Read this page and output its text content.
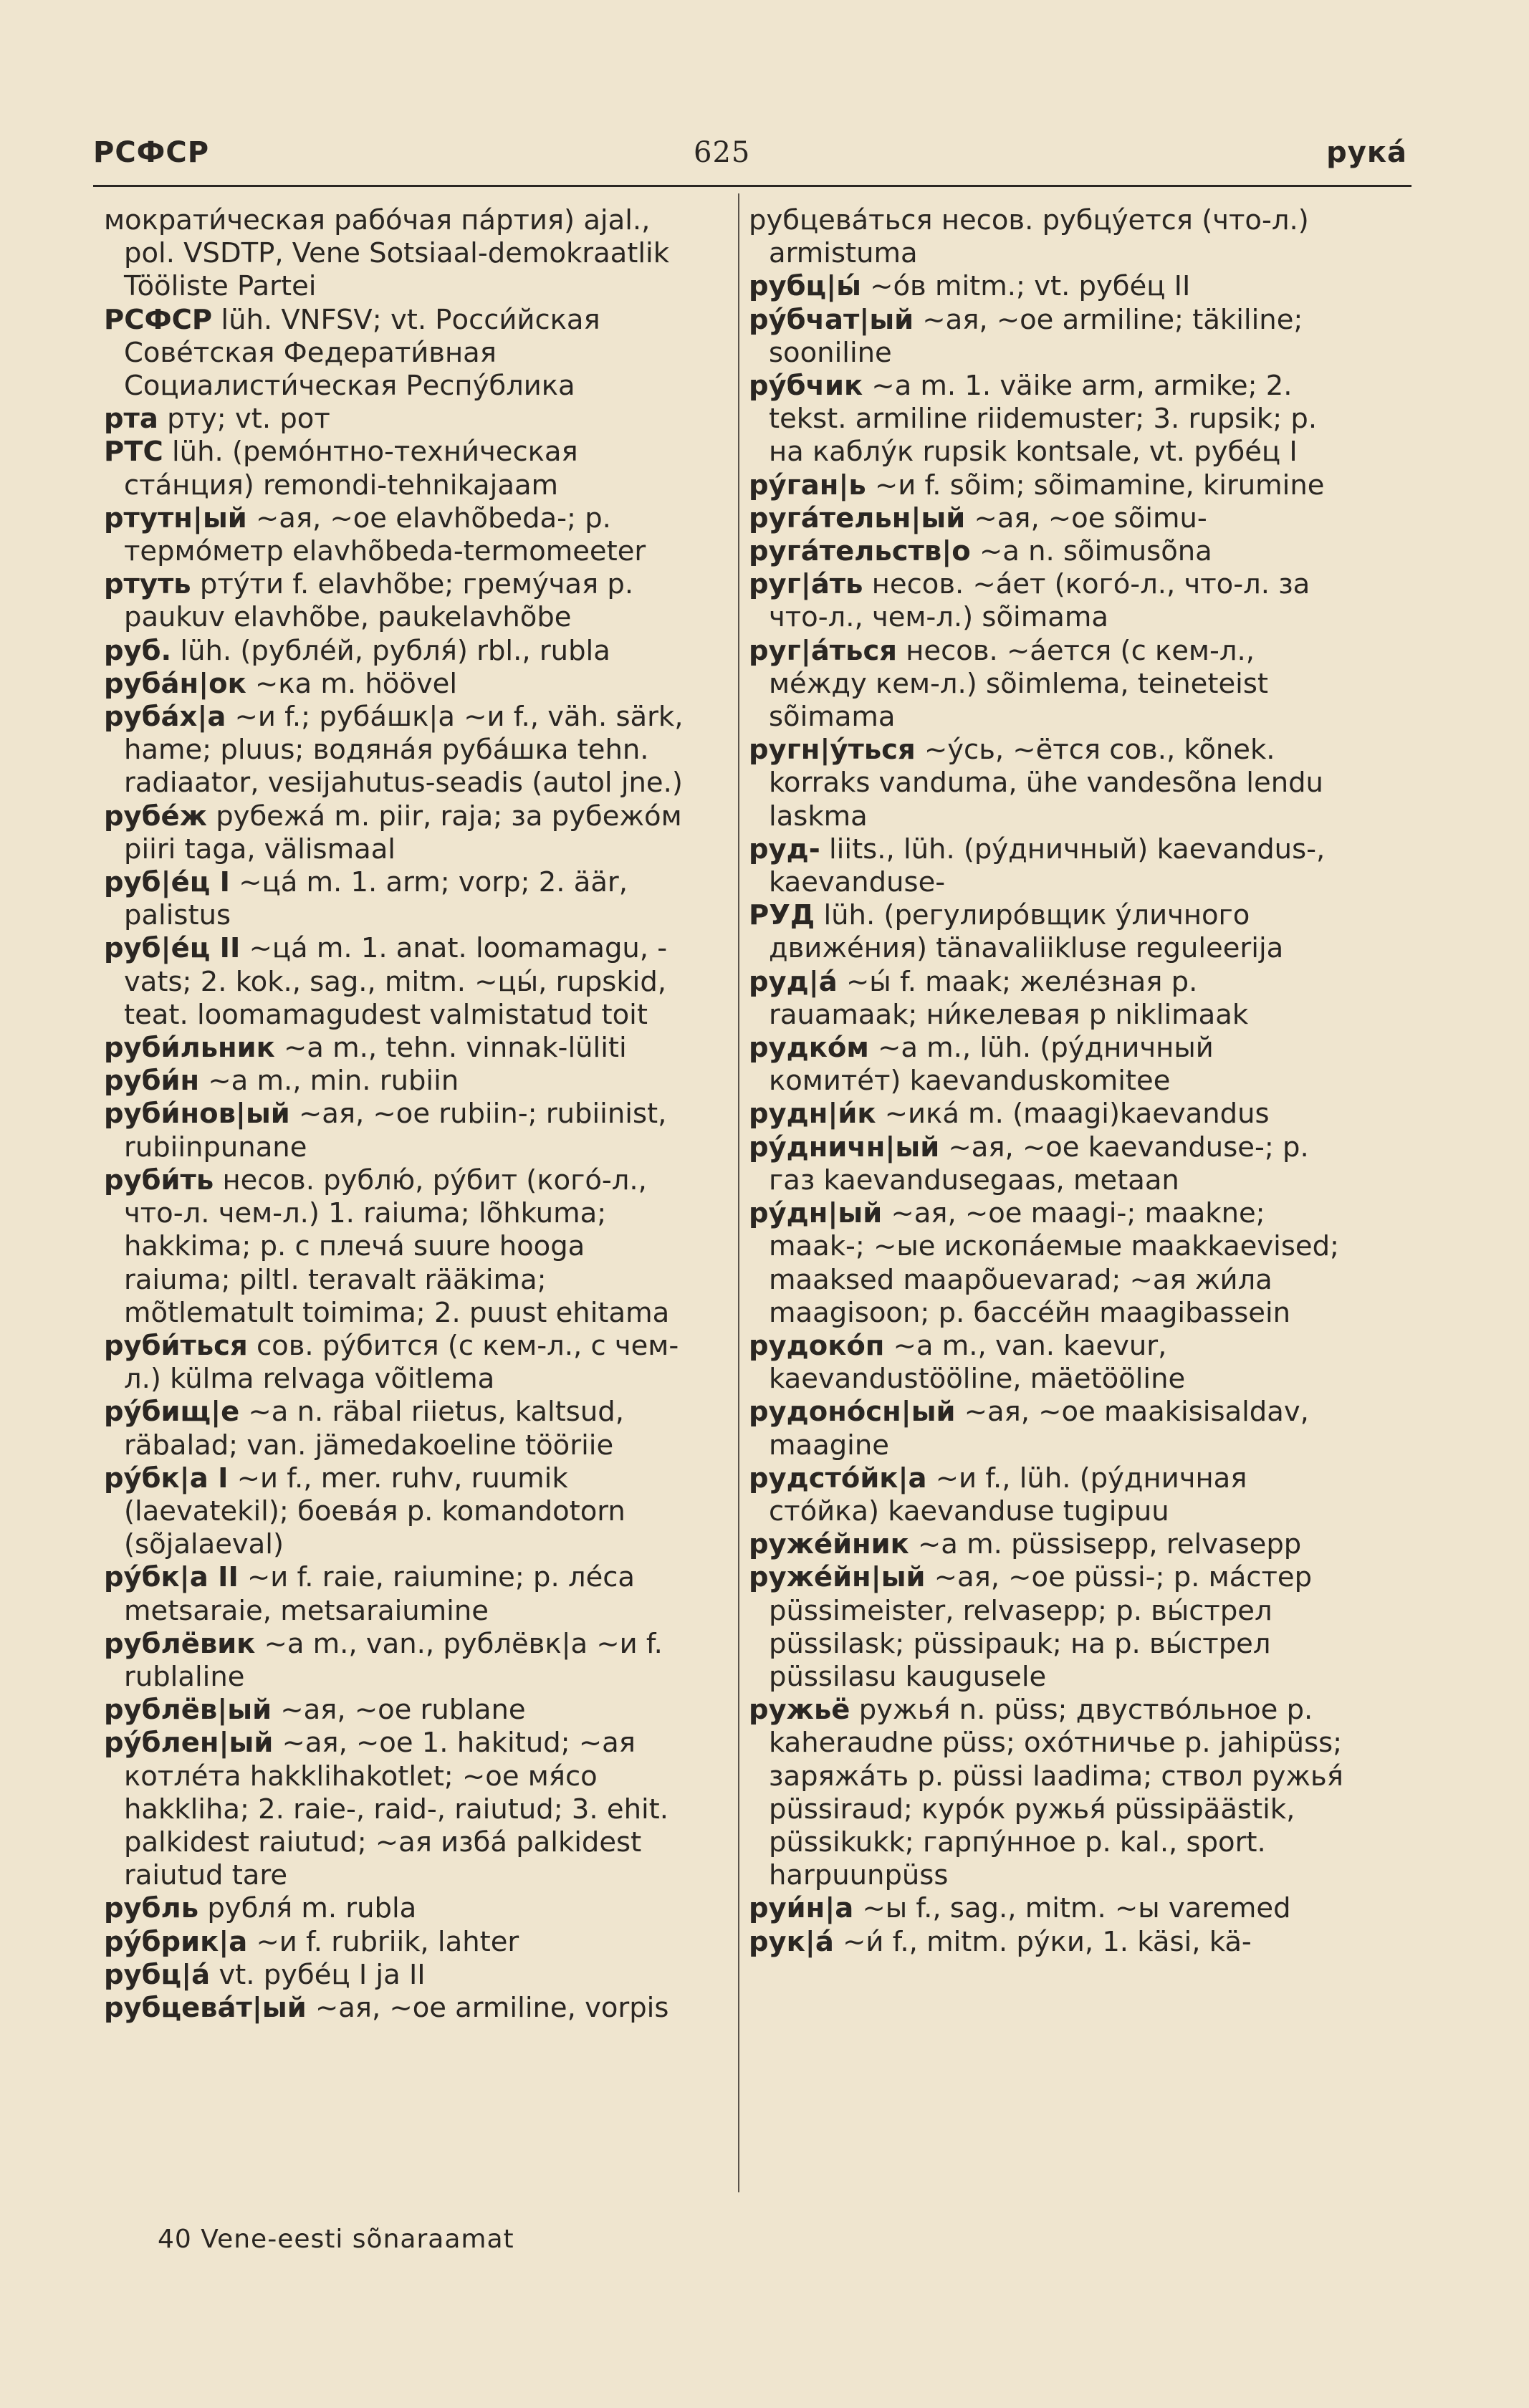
РСФСР	625	рука́

мократи́ческая рабо́чая па́ртия) ajal., pol. VSDTP, Vene Sotsiaal-demokraatlik Tööliste Partei

РСФСР lüh. VNFSV; vt. Росси́йская Сове́тская Федерати́вная Социалисти́ческая Респу́блика

рта рту; vt. рот

РТС lüh. (ремо́нтно-техни́ческая ста́нция) remondi-tehnikajaam

ртутн|ый ~ая, ~ое elavhõbeda-; р. термо́метр elavhõbeda-termomeeter

ртуть рту́ти f. elavhõbe; грему́чая р. paukuv elavhõbe, paukelavhõbe

руб. lüh. (рубле́й, рубля́) rbl., rubla

руба́н|ок ~ка m. höövel

руба́х|а ~и f.; руба́шк|а ~и f., väh. särk, hame; pluus; водяна́я руба́шка tehn. radiaator, vesijahutus-seadis (autol jne.)

рубе́ж рубежа́ m. piir, raja; за рубежо́м piiri taga, välismaal

руб|е́ц I ~ца́ m. 1. arm; vorp; 2. äär, palistus

руб|е́ц II ~ца́ m. 1. anat. loomamagu, -vats; 2. kok., sag., mitm. ~цы́, rupskid, teat. loomamagudest valmistatud toit

руби́льник ~а m., tehn. vinnak-lüliti

руби́н ~а m., min. rubiin

руби́нов|ый ~ая, ~ое rubiin-; rubiinist, rubiinpunane

руби́ть несов. рублю́, ру́бит (кого́-л., что-л. чем-л.) 1. raiuma; lõhkuma; hakkima; р. с плеча́ suure hooga raiuma; piltl. teravalt rääkima; mõtlematult toimima; 2. puust ehitama

руби́ться сов. ру́бится (с кем-л., с чем-л.) külma relvaga võitlema

ру́бищ|е ~а n. räbal riietus, kaltsud, räbalad; van. jämedakoeline tööriie

ру́бк|а I ~и f., mer. ruhv, ruumik (laevatekil); боева́я р. komandotorn (sõjalaeval)

ру́бк|а II ~и f. raie, raiumine; р. ле́са metsaraie, metsaraiumine

рублёвик ~а m., van., рублёвк|а ~и f. rublaline

рублёв|ый ~ая, ~ое rublane

ру́блен|ый ~ая, ~ое 1. hakitud; ~ая котле́та hakklihakotlet; ~ое мя́со hakkliha; 2. raie-, raid-, raiutud; 3. ehit. palkidest raiutud; ~ая изба́ palkidest raiutud tare

рубль рубля́ m. rubla

ру́брик|а ~и f. rubriik, lahter

рубц|а́ vt. рубе́ц I ja II

рубцева́т|ый ~ая, ~ое armiline, vorpis

рубцева́ться несов. рубцу́ется (что-л.) armistuma

рубц|ы́ ~о́в mitm.; vt. рубе́ц II

ру́бчат|ый ~ая, ~ое armiline; täkiline; sooniline

ру́бчик ~а m. 1. väike arm, armike; 2. tekst. armiline riidemuster; 3. rupsik; р. на каблу́к rupsik kontsale, vt. рубе́ц I

ру́ган|ь ~и f. sõim; sõimamine, kirumine

руга́тельн|ый ~ая, ~ое sõimu-

руга́тельств|о ~а n. sõimusõna

руг|а́ть несов. ~а́ет (кого́-л., что-л. за что-л., чем-л.) sõimama

руг|а́ться несов. ~а́ется (с кем-л., ме́жду кем-л.) sõimlema, teineteist sõimama

ругн|у́ться ~у́сь, ~ётся сов., kõnek. korraks vanduma, ühe vandesõna lendu laskma

руд- liits., lüh. (ру́дничный) kaevandus-, kaevanduse-

РУД lüh. (регулиро́вщик у́личного движе́ния) tänavaliikluse reguleerija

руд|а́ ~ы́ f. maak; желе́зная р. rauamaak; ни́келевая р niklimaak

рудко́м ~а m., lüh. (ру́дничный комите́т) kaevanduskomitee

рудн|и́к ~ика́ m. (maagi)kaevandus

ру́дничн|ый ~ая, ~ое kaevanduse-; р. газ kaevandusegaas, metaan

ру́дн|ый ~ая, ~ое maagi-; maakne; maak-; ~ые ископа́емые maakkaevised; maaksed maapõuevarad; ~ая жи́ла maagisoon; р. бассе́йн maagibassein

рудоко́п ~а m., van. kaevur, kaevandustööline, mäetööline

рудоно́сн|ый ~ая, ~ое maakisisaldav, maagine

рудсто́йк|а ~и f., lüh. (ру́дничная сто́йка) kaevanduse tugipuu

руже́йник ~а m. püssisepp, relvasepp

руже́йн|ый ~ая, ~ое püssi-; р. ма́стер püssimeister, relvasepp; р. вы́стрел püssilask; püssipauk; на р. вы́стрел püssilasu kaugusele

ружьё ружья́ n. püss; двуство́льное р. kaheraudne püss; охо́тничье р. jahipüss; заряжа́ть р. püssi laadima; ствол ружья́ püssiraud; куро́к ружья́ püssipäästik, püssikukk; гарпу́нное р. kal., sport. harpuunpüss

руи́н|а ~ы f., sag., mitm. ~ы varemed

рук|а́ ~и́ f., mitm. ру́ки, 1. käsi, kä-

40 Vene-eesti sõnaraamat
